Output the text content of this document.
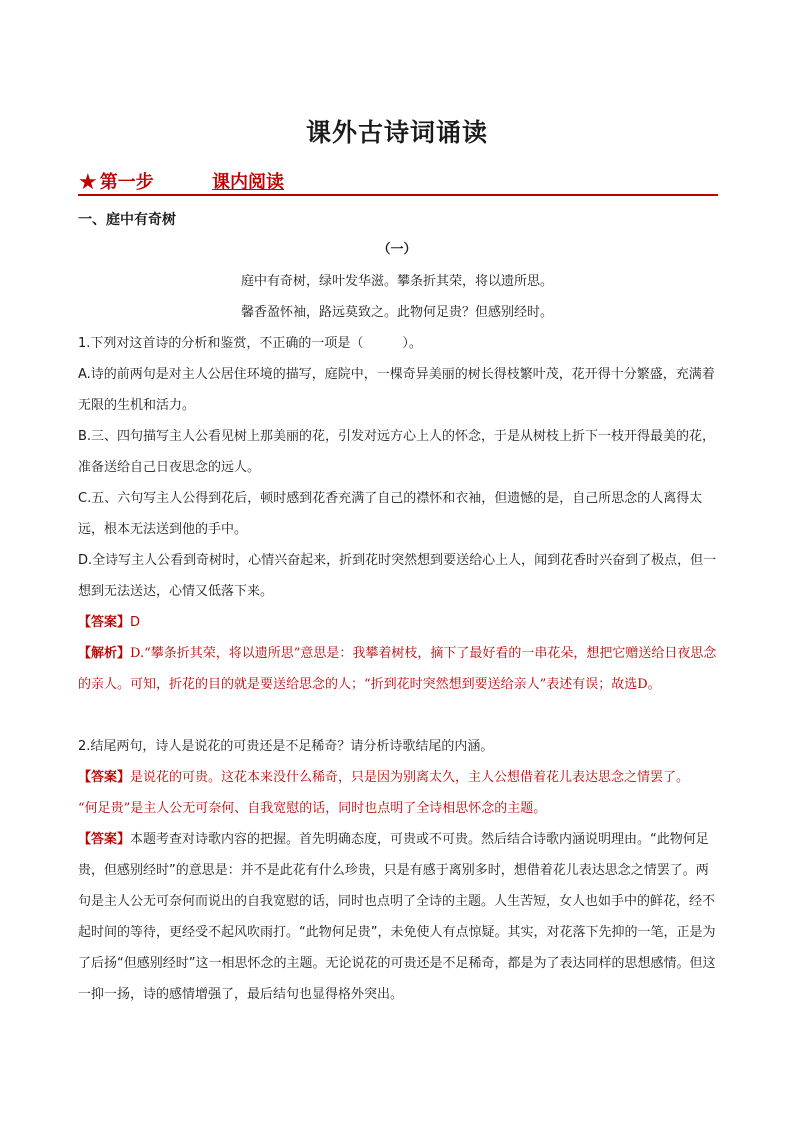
课外古诗词诵读
★ 第一步	课内阅读
一、庭中有奇树
（一）
庭中有奇树，绿叶发华滋。攀条折其荣，将以遗所思。
馨香盈怀袖，路远莫致之。此物何足贵？但感别经时。

1.下列对这首诗的分析和鉴赏，不正确的一项是（　　　）。

A.诗的前两句是对主人公居住环境的描写，庭院中，一棵奇异美丽的树长得枝繁叶茂，花开得十分繁盛，充满着无限的生机和活力。

B.三、四句描写主人公看见树上那美丽的花，引发对远方心上人的怀念，于是从树枝上折下一枝开得最美的花，准备送给自己日夜思念的远人。

C.五、六句写主人公得到花后，顿时感到花香充满了自己的襟怀和衣袖，但遗憾的是，自己所思念的人离得太远，根本无法送到他的手中。

D.全诗写主人公看到奇树时，心情兴奋起来，折到花时突然想到要送给心上人，闻到花香时兴奋到了极点，但一想到无法送达，心情又低落下来。

【答案】D

【解析】D.“攀条折其荣，将以遗所思”意思是：我攀着树枝，摘下了最好看的一串花朵，想把它赠送给日夜思念的亲人。可知，折花的目的就是要送给思念的人；“折到花时突然想到要送给亲人”表述有误；故选D。

2.结尾两句，诗人是说花的可贵还是不足稀奇？请分析诗歌结尾的内涵。

【答案】是说花的可贵。这花本来没什么稀奇，只是因为别离太久，主人公想借着花儿表达思念之情罢了。

“何足贵”是主人公无可奈何、自我宽慰的话，同时也点明了全诗相思怀念的主题。

【答案】本题考查对诗歌内容的把握。首先明确态度，可贵或不可贵。然后结合诗歌内涵说明理由。“此物何足贵，但感别经时”的意思是：并不是此花有什么珍贵，只是有感于离别多时，想借着花儿表达思念之情罢了。两句是主人公无可奈何而说出的自我宽慰的话，同时也点明了全诗的主题。人生苦短，女人也如手中的鲜花，经不起时间的等待，更经受不起风吹雨打。“此物何足贵”，未免使人有点惊疑。其实，对花落下先抑的一笔，正是为了后扬“但感别经时”这一相思怀念的主题。无论说花的可贵还是不足稀奇，都是为了表达同样的思想感情。但这一抑一扬，诗的感情增强了，最后结句也显得格外突出。
